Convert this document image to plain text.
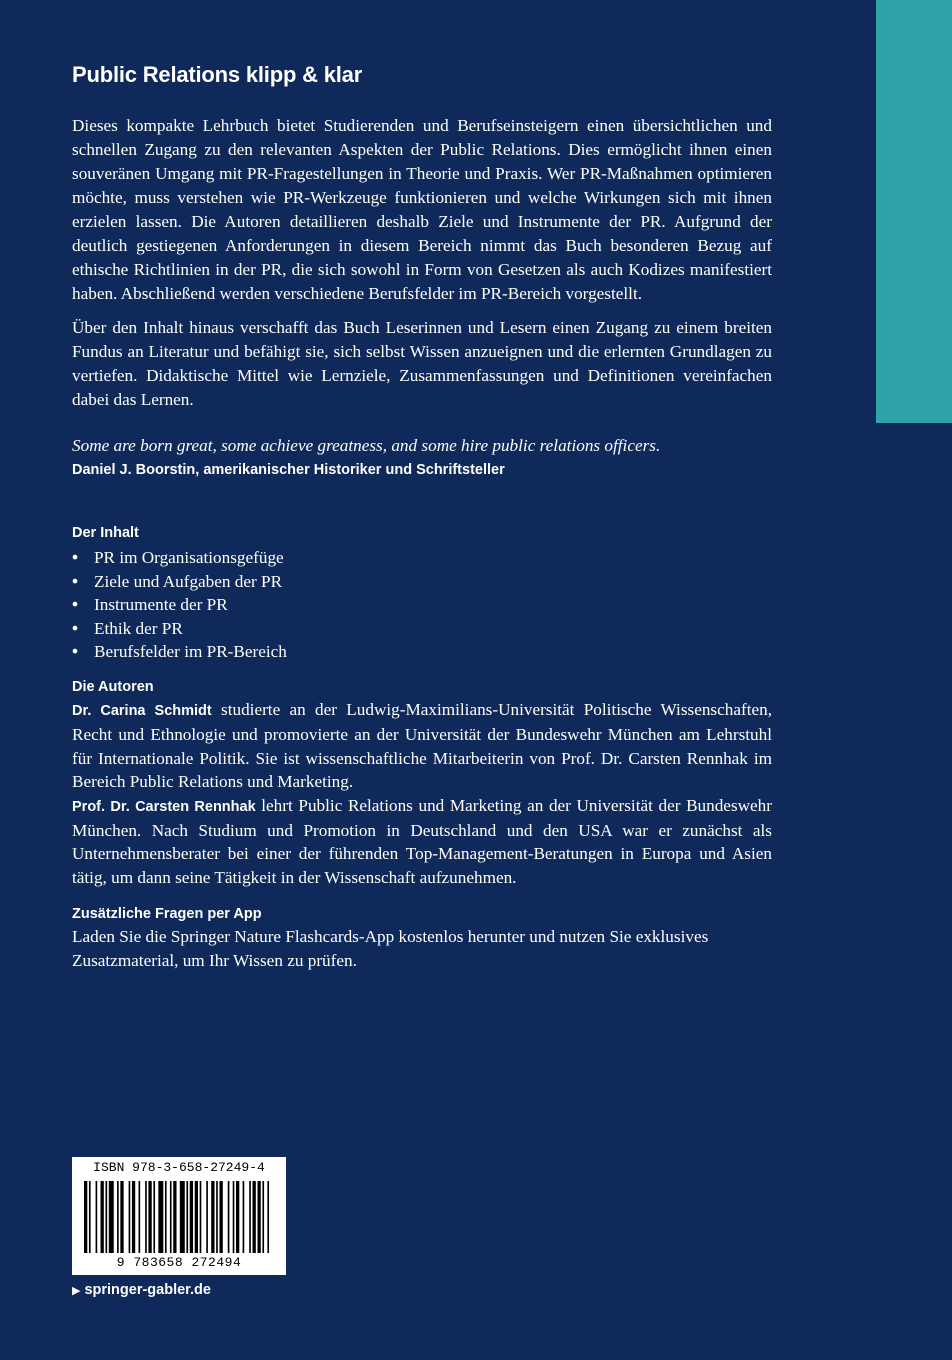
Public Relations klipp & klar

Dieses kompakte Lehrbuch bietet Studierenden und Berufseinsteigern einen übersichtlichen und schnellen Zugang zu den relevanten Aspekten der Public Relations. Dies ermöglicht ihnen einen souveränen Umgang mit PR-Fragestellungen in Theorie und Praxis. Wer PR-Maßnahmen optimieren möchte, muss verstehen wie PR-Werkzeuge funktionieren und welche Wirkungen sich mit ihnen erzielen lassen. Die Autoren detaillieren deshalb Ziele und Instrumente der PR. Aufgrund der deutlich gestiegenen Anforderungen in diesem Bereich nimmt das Buch besonderen Bezug auf ethische Richtlinien in der PR, die sich sowohl in Form von Gesetzen als auch Kodizes manifestiert haben. Abschließend werden verschiedene Berufsfelder im PR-Bereich vorgestellt.

Über den Inhalt hinaus verschafft das Buch Leserinnen und Lesern einen Zugang zu einem breiten Fundus an Literatur und befähigt sie, sich selbst Wissen anzueignen und die erlernten Grundlagen zu vertiefen. Didaktische Mittel wie Lernziele, Zusammenfassungen und Definitionen vereinfachen dabei das Lernen.

Some are born great, some achieve greatness, and some hire public relations officers.
Daniel J. Boorstin, amerikanischer Historiker und Schriftsteller

Der Inhalt

• PR im Organisationsgefüge
• Ziele und Aufgaben der PR
• Instrumente der PR
• Ethik der PR
• Berufsfelder im PR-Bereich

Die Autoren

Dr. Carina Schmidt studierte an der Ludwig-Maximilians-Universität Politische Wissenschaften, Recht und Ethnologie und promovierte an der Universität der Bundeswehr München am Lehrstuhl für Internationale Politik. Sie ist wissenschaftliche Mitarbeiterin von Prof. Dr. Carsten Rennhak im Bereich Public Relations und Marketing.

Prof. Dr. Carsten Rennhak lehrt Public Relations und Marketing an der Universität der Bundeswehr München. Nach Studium und Promotion in Deutschland und den USA war er zunächst als Unternehmensberater bei einer der führenden Top-Management-Beratungen in Europa und Asien tätig, um dann seine Tätigkeit in der Wissenschaft aufzunehmen.

Zusätzliche Fragen per App

Laden Sie die Springer Nature Flashcards-App kostenlos herunter und nutzen Sie exklusives Zusatzmaterial, um Ihr Wissen zu prüfen.

ISBN 978-3-658-27249-4
9 783658 272494
▶ springer-gabler.de
